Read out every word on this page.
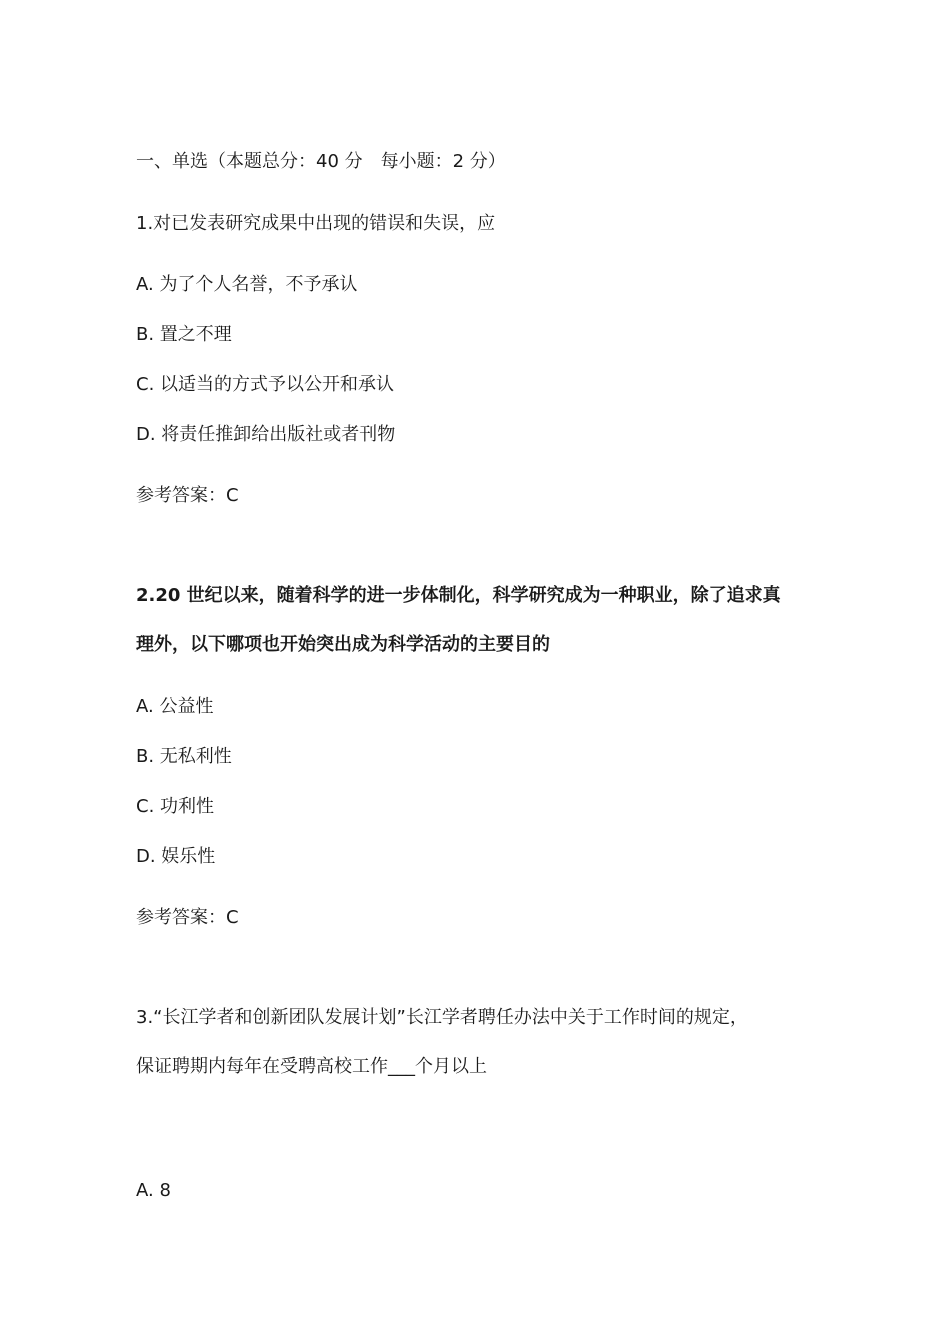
一、单选（本题总分：40 分　每小题：2 分）

1.对已发表研究成果中出现的错误和失误，应

A. 为了个人名誉，不予承认

B. 置之不理

C. 以适当的方式予以公开和承认

D. 将责任推卸给出版社或者刊物

参考答案：C

2.20 世纪以来，随着科学的进一步体制化，科学研究成为一种职业，除了追求真

理外，以下哪项也开始突出成为科学活动的主要目的

A. 公益性

B. 无私利性

C. 功利性

D. 娱乐性

参考答案：C

3.“长江学者和创新团队发展计划”长江学者聘任办法中关于工作时间的规定，

保证聘期内每年在受聘高校工作___个月以上

A. 8
